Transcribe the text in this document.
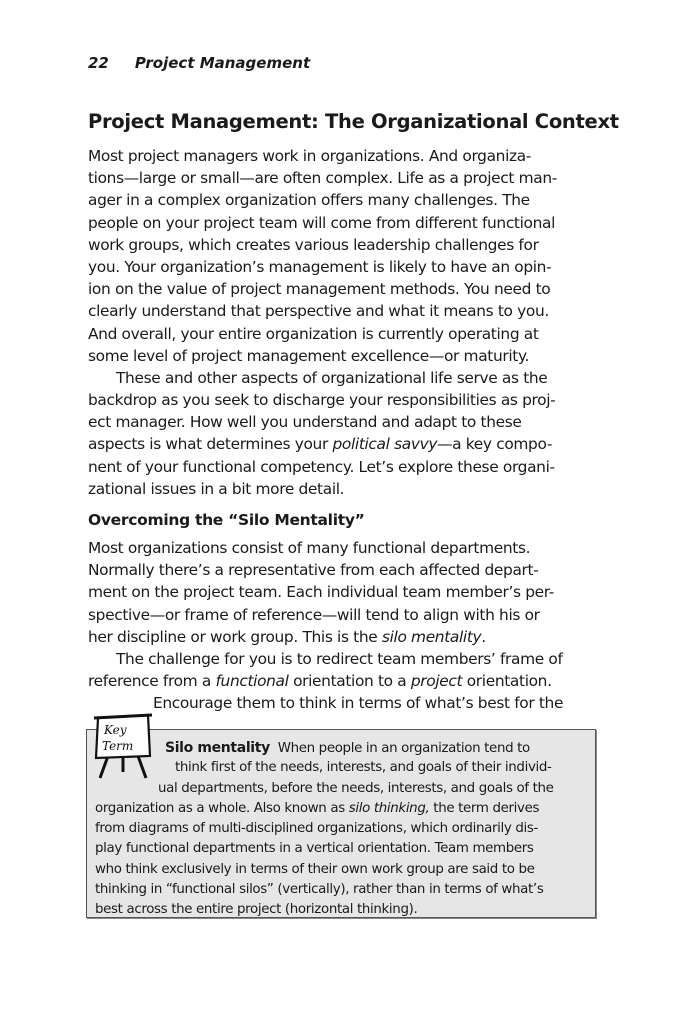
22 Project Management
Project Management: The Organizational Context
Most project managers work in organizations. And organiza-
tions—large or small—are often complex. Life as a project man-
ager in a complex organization offers many challenges. The
people on your project team will come from different functional
work groups, which creates various leadership challenges for
you. Your organization’s management is likely to have an opin-
ion on the value of project management methods. You need to
clearly understand that perspective and what it means to you.
And overall, your entire organization is currently operating at
some level of project management excellence—or maturity.
These and other aspects of organizational life serve as the
backdrop as you seek to discharge your responsibilities as proj-
ect manager. How well you understand and adapt to these
aspects is what determines your political savvy—a key compo-
nent of your functional competency. Let’s explore these organi-
zational issues in a bit more detail.
Overcoming the “Silo Mentality”
Most organizations consist of many functional departments.
Normally there’s a representative from each affected depart-
ment on the project team. Each individual team member’s per-
spective—or frame of reference—will tend to align with his or
her discipline or work group. This is the silo mentality.
The challenge for you is to redirect team members’ frame of
reference from a functional orientation to a project orientation.
Encourage them to think in terms of what’s best for the
Silo mentality When people in an organization tend to
think first of the needs, interests, and goals of their individ-
ual departments, before the needs, interests, and goals of the
organization as a whole. Also known as silo thinking, the term derives
from diagrams of multi-disciplined organizations, which ordinarily dis-
play functional departments in a vertical orientation. Team members
who think exclusively in terms of their own work group are said to be
thinking in “functional silos” (vertically), rather than in terms of what’s
best across the entire project (horizontal thinking).
Key
Term
